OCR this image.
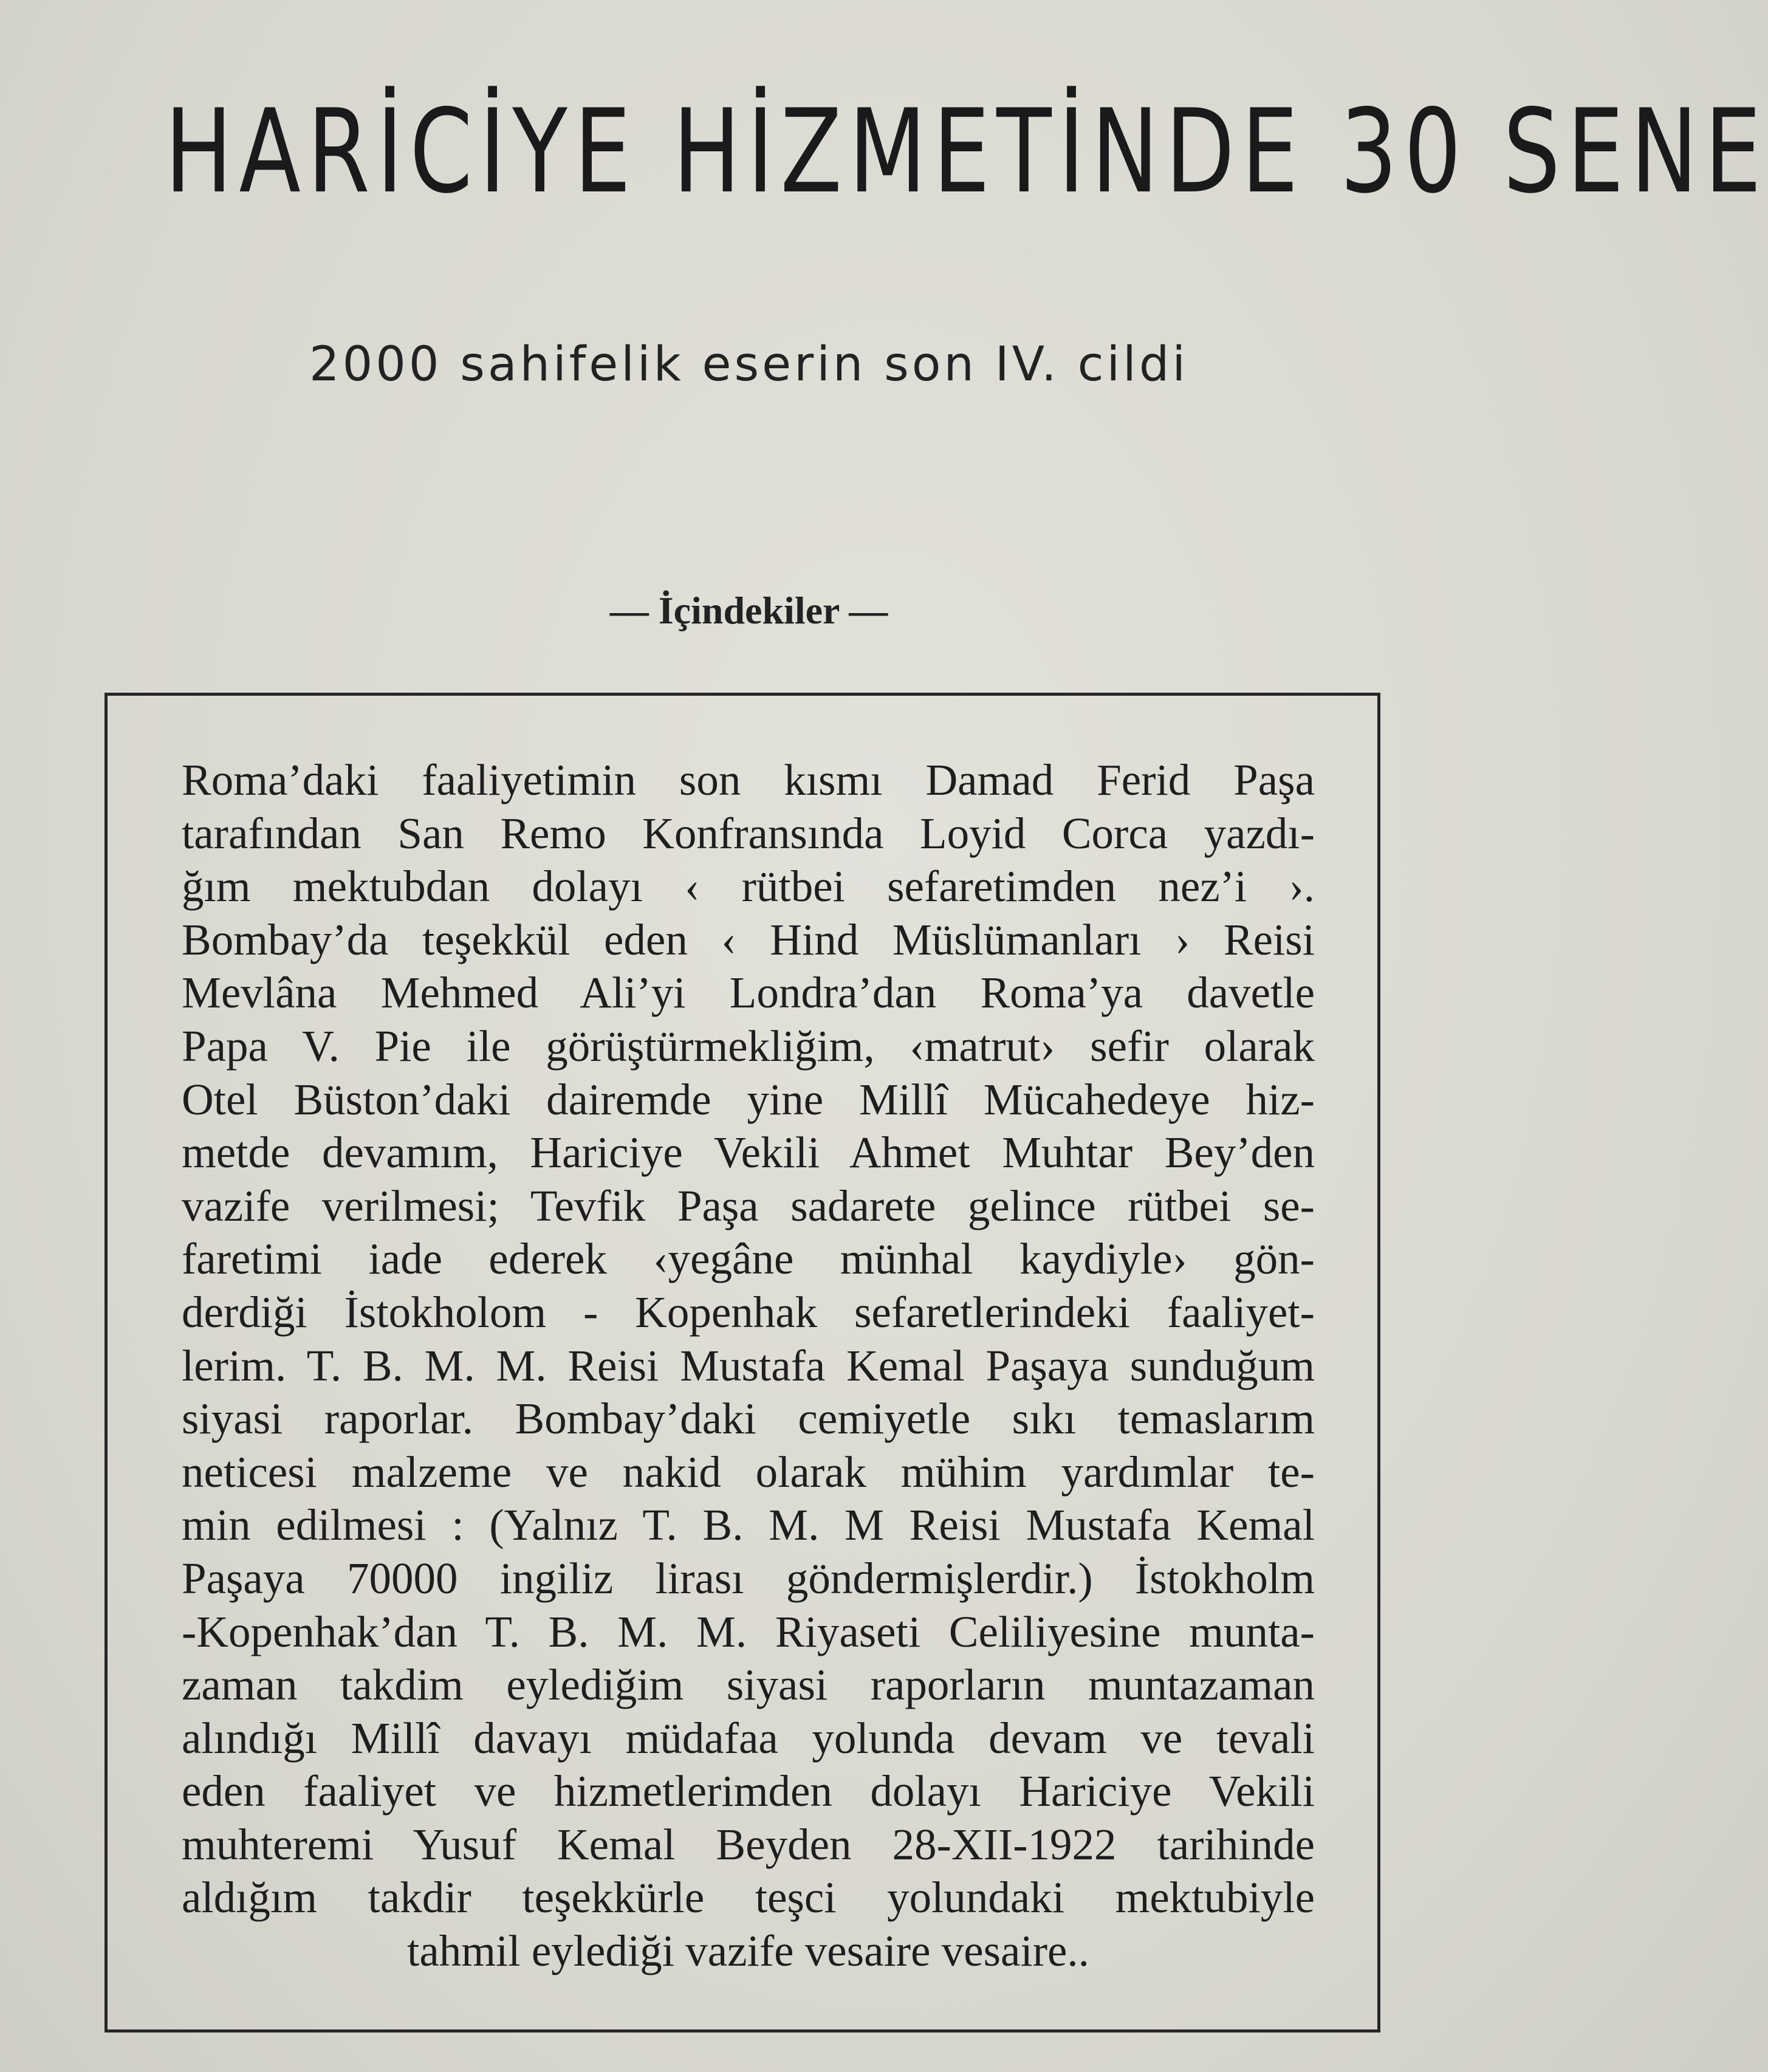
HARİCİYE HİZMETİNDE 30 SENE
2000 sahifelik eserin son IV. cildi
— İçindekiler —
Roma’daki faaliyetimin son kısmı Damad Ferid Paşa
tarafından San Remo Konfransında Loyid Corca yazdı-
ğım mektubdan dolayı ‹ rütbei sefaretimden nez’i ›.
Bombay’da teşekkül eden ‹ Hind Müslümanları › Reisi
Mevlâna Mehmed Ali’yi Londra’dan Roma’ya davetle
Papa V. Pie ile görüştürmekliğim, ‹matrut› sefir olarak
Otel Büston’daki dairemde yine Millî Mücahedeye hiz-
metde devamım, Hariciye Vekili Ahmet Muhtar Bey’den
vazife verilmesi; Tevfik Paşa sadarete gelince rütbei se-
faretimi iade ederek ‹yegâne münhal kaydiyle› gön-
derdiği İstokholom - Kopenhak sefaretlerindeki faaliyet-
lerim. T. B. M. M. Reisi Mustafa Kemal Paşaya sunduğum
siyasi raporlar. Bombay’daki cemiyetle sıkı temaslarım
neticesi malzeme ve nakid olarak mühim yardımlar te-
min edilmesi : (Yalnız T. B. M. M Reisi Mustafa Kemal
Paşaya 70000 ingiliz lirası göndermişlerdir.) İstokholm
-Kopenhak’dan T. B. M. M. Riyaseti Celiliyesine munta-
zaman takdim eylediğim siyasi raporların muntazaman
alındığı Millî davayı müdafaa yolunda devam ve tevali
eden faaliyet ve hizmetlerimden dolayı Hariciye Vekili
muhteremi Yusuf Kemal Beyden 28-XII-1922 tarihinde
aldığım takdir teşekkürle teşci yolundaki mektubiyle
tahmil eylediği vazife vesaire vesaire..
